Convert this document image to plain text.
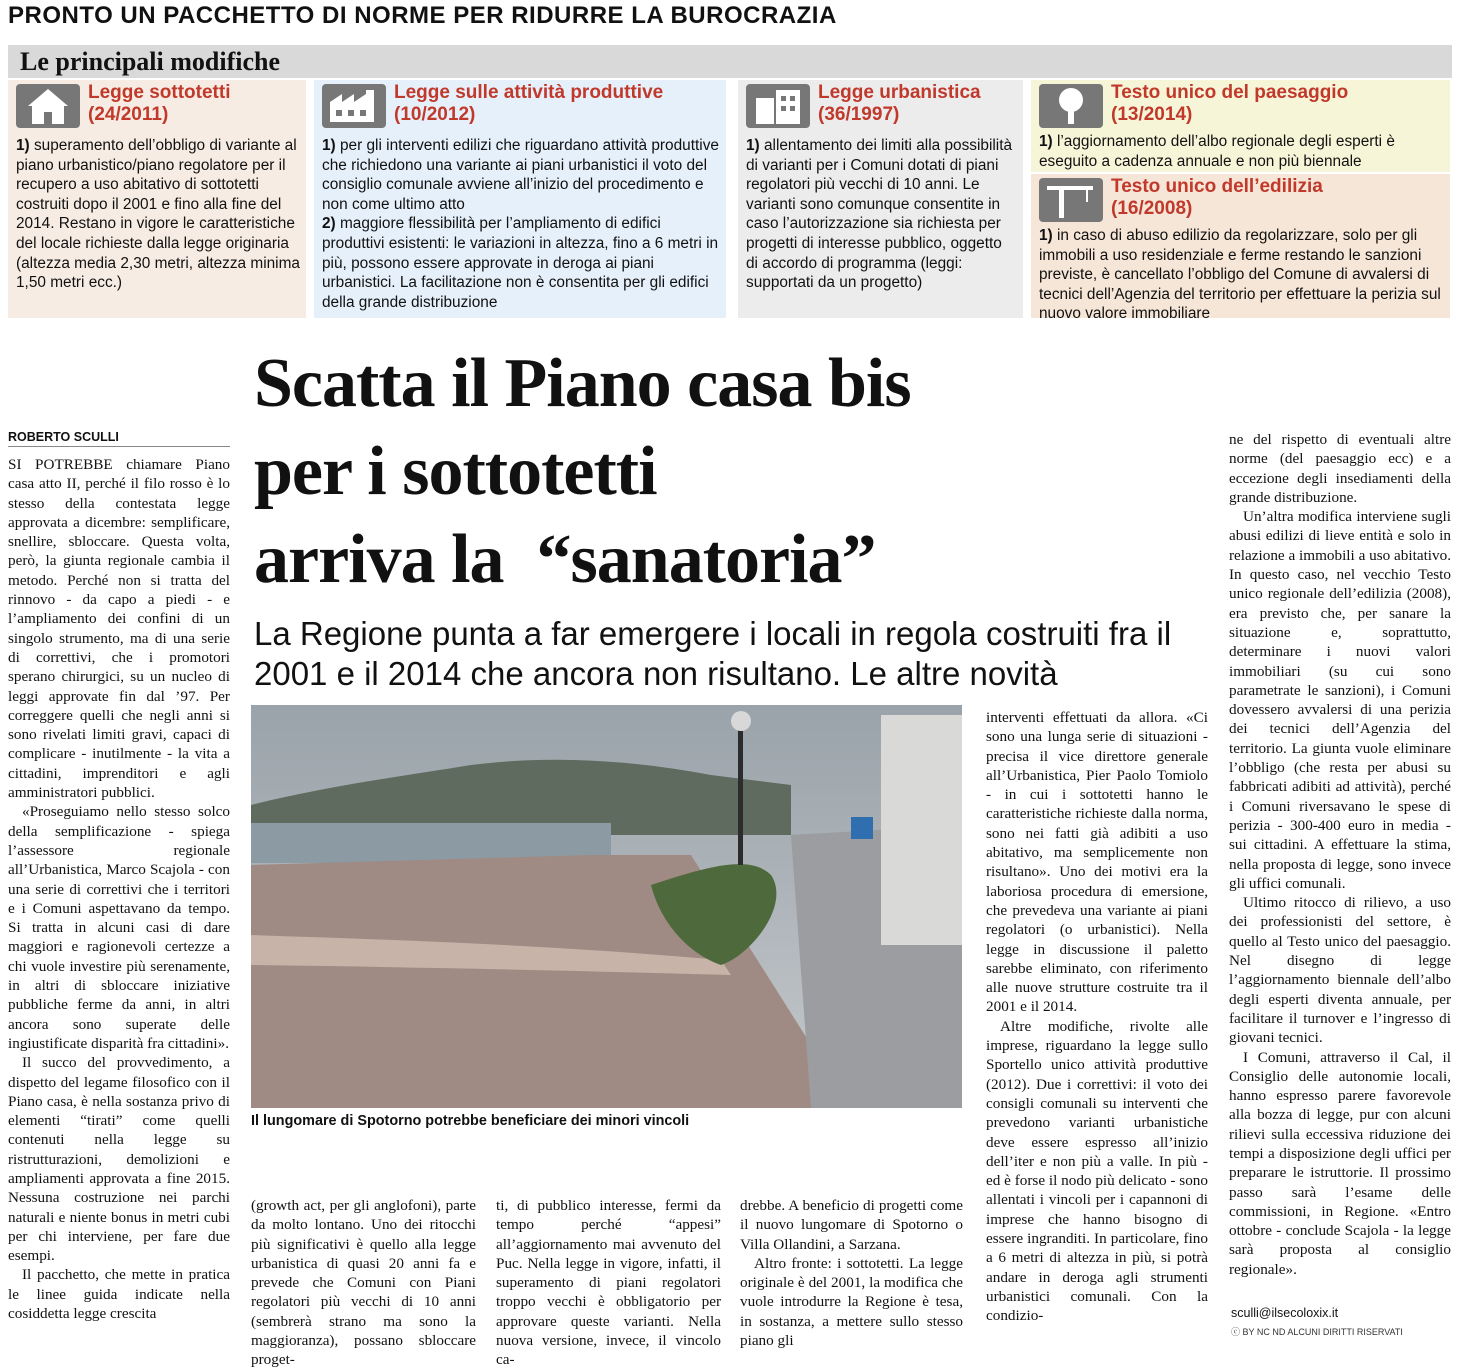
PRONTO UN PACCHETTO DI NORME PER RIDURRE LA BUROCRAZIA
Le principali modifiche
Legge sottotetti
(24/2011)
1) superamento dell’obbligo di variante al piano urbanistico/piano regolatore per il recupero a uso abitativo di sottotetti costruiti dopo il 2001 e fino alla fine del 2014. Restano in vigore le caratteristiche del locale richieste dalla legge originaria (altezza media 2,30 metri, altezza minima 1,50 metri ecc.)
Legge sulle attività produttive
(10/2012)
1) per gli interventi edilizi che riguardano attività produttive che richiedono una variante ai piani urbanistici il voto del consiglio comunale avviene all’inizio del procedimento e non come ultimo atto
2) maggiore flessibilità per l’ampliamento di edifici produttivi esistenti: le variazioni in altezza, fino a 6 metri in più, possono essere approvate in deroga ai piani urbanistici. La facilitazione non è consentita per gli edifici della grande distribuzione
Legge urbanistica
(36/1997)
1) allentamento dei limiti alla possibilità di varianti per i Comuni dotati di piani regolatori più vecchi di 10 anni. Le varianti sono comunque consentite in caso l’autorizzazione sia richiesta per progetti di interesse pubblico, oggetto di accordo di programma (leggi: supportati da un progetto)
Testo unico del paesaggio
(13/2014)
1) l’aggiornamento dell’albo regionale degli esperti è eseguito a cadenza annuale e non più biennale
Testo unico dell’edilizia
(16/2008)
1) in caso di abuso edilizio da regolarizzare, solo per gli immobili a uso residenziale e ferme restando le sanzioni previste, è cancellato l’obbligo del Comune di avvalersi di tecnici dell’Agenzia del territorio per effettuare la perizia sul nuovo valore immobiliare
Scatta il Piano casa bis
per i sottotetti
arriva la  “sanatoria”
La Regione punta a far emergere i locali in regola costruiti fra il 2001 e il 2014 che ancora non risultano. Le altre novità
ROBERTO SCULLI

SI POTREBBE chiamare Piano casa atto II, perché il filo rosso è lo stesso della contestata legge approvata a dicembre: semplificare, snellire, sbloccare. Questa volta, però, la giunta regionale cambia il metodo. Perché non si tratta del rinnovo - da capo a piedi - e l’ampliamento dei confini di un singolo strumento, ma di una serie di correttivi, che i promotori sperano chirurgici, su un nucleo di leggi approvate fin dal ’97. Per correggere quelli che negli anni si sono rivelati limiti gravi, capaci di complicare - inutilmente - la vita a cittadini, imprenditori e agli amministratori pubblici.

«Proseguiamo nello stesso solco della semplificazione - spiega l’assessore regionale all’Urbanistica, Marco Scajola - con una serie di correttivi che i territori e i Comuni aspettavano da tempo. Si tratta in alcuni casi di dare maggiori e ragionevoli certezze a chi vuole investire più serenamente, in altri di sbloccare iniziative pubbliche ferme da anni, in altri ancora sono superate delle ingiustificate disparità fra cittadini».

Il succo del provvedimento, a dispetto del legame filosofico con il Piano casa, è nella sostanza privo di elementi “tirati” come quelli contenuti nella legge su ristrutturazioni, demolizioni e ampliamenti approvata a fine 2015. Nessuna costruzione nei parchi naturali e niente bonus in metri cubi per chi interviene, per fare due esempi.

Il pacchetto, che mette in pratica le linee guida indicate nella cosiddetta legge crescita

Il lungomare di Spotorno potrebbe beneficiare dei minori vincoli

(growth act, per gli anglofoni), parte da molto lontano. Uno dei ritocchi più significativi è quello alla legge urbanistica di quasi 20 anni fa e prevede che Comuni con Piani regolatori più vecchi di 10 anni (sembrerà strano ma sono la maggioranza), possano sbloccare proget-

ti, di pubblico interesse, fermi da tempo perché “appesi” all’aggiornamento mai avvenuto del Puc. Nella legge in vigore, infatti, il superamento di piani regolatori troppo vecchi è obbligatorio per approvare queste varianti. Nella nuova versione, invece, il vincolo ca-

drebbe. A beneficio di progetti come il nuovo lungomare di Spotorno o Villa Ollandini, a Sarzana.

Altro fronte: i sottotetti. La legge originale è del 2001, la modifica che vuole introdurre la Regione è tesa, in sostanza, a mettere sullo stesso piano gli

interventi effettuati da allora. «Ci sono una lunga serie di situazioni - precisa il vice direttore generale all’Urbanistica, Pier Paolo Tomiolo - in cui i sottotetti hanno le caratteristiche richieste dalla norma, sono nei fatti già adibiti a uso abitativo, ma semplicemente non risultano». Uno dei motivi era la laboriosa procedura di emersione, che prevedeva una variante ai piani regolatori (o urbanistici). Nella legge in discussione il paletto sarebbe eliminato, con riferimento alle nuove strutture costruite tra il 2001 e il 2014.

Altre modifiche, rivolte alle imprese, riguardano la legge sullo Sportello unico attività produttive (2012). Due i correttivi: il voto dei consigli comunali su interventi che prevedono varianti urbanistiche deve essere espresso all’inizio dell’iter e non più a valle. In più - ed è forse il nodo più delicato - sono allentati i vincoli per i capannoni di imprese che hanno bisogno di essere ingranditi. In particolare, fino a 6 metri di altezza in più, si potrà andare in deroga agli strumenti urbanistici comunali. Con la condizio-

ne del rispetto di eventuali altre norme (del paesaggio ecc) e a eccezione degli insediamenti della grande distribuzione.

Un’altra modifica interviene sugli abusi edilizi di lieve entità e solo in relazione a immobili a uso abitativo. In questo caso, nel vecchio Testo unico regionale dell’edilizia (2008), era previsto che, per sanare la situazione e, soprattutto, determinare i nuovi valori immobiliari (su cui sono parametrate le sanzioni), i Comuni dovessero avvalersi di una perizia dei tecnici dell’Agenzia del territorio. La giunta vuole eliminare l’obbligo (che resta per abusi su fabbricati adibiti ad attività), perché i Comuni riversavano le spese di perizia - 300-400 euro in media - sui cittadini. A effettuare la stima, nella proposta di legge, sono invece gli uffici comunali.

Ultimo ritocco di rilievo, a uso dei professionisti del settore, è quello al Testo unico del paesaggio. Nel disegno di legge l’aggiornamento biennale dell’albo degli esperti diventa annuale, per facilitare il turnover e l’ingresso di giovani tecnici.

I Comuni, attraverso il Cal, il Consiglio delle autonomie locali, hanno espresso parere favorevole alla bozza di legge, pur con alcuni rilievi sulla eccessiva riduzione dei tempi a disposizione degli uffici per preparare le istruttorie. Il prossimo passo sarà l’esame delle commissioni, in Regione. «Entro ottobre - conclude Scajola - la legge sarà proposta al consiglio regionale».

sculli@ilsecoloxix.it
ⓒ BY NC ND ALCUNI DIRITTI RISERVATI
